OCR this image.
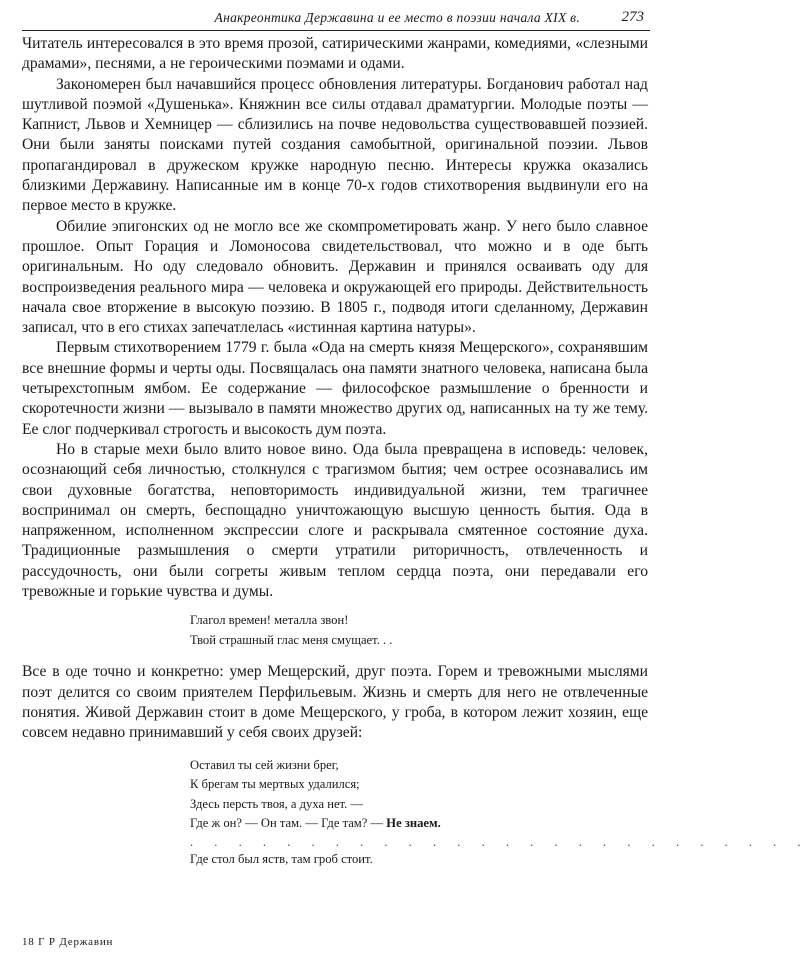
Анакреонтика Державина и ее место в поэзии начала XIX в.	273

Читатель интересовался в это время прозой, сатирическими жанрами, комедиями, «слезными драмами», песнями, а не героическими поэмами и одами.

Закономерен был начавшийся процесс обновления литературы. Богданович работал над шутливой поэмой «Душенька». Княжнин все силы отдавал драматургии. Молодые поэты — Капнист, Львов и Хемницер — сблизились на почве недовольства существовавшей поэзией. Они были заняты поисками путей создания самобытной, оригинальной поэзии. Львов пропагандировал в дружеском кружке народную песню. Интересы кружка оказались близкими Державину. Написанные им в конце 70-х годов стихотворения выдвинули его на первое место в кружке.

Обилие эпигонских од не могло все же скомпрометировать жанр. У него было славное прошлое. Опыт Горация и Ломоносова свидетельствовал, что можно и в оде быть оригинальным. Но оду следовало обновить. Державин и принялся осваивать оду для воспроизведения реального мира — человека и окружающей его природы. Действительность начала свое вторжение в высокую поэзию. В 1805 г., подводя итоги сделанному, Державин записал, что в его стихах запечатлелась «истинная картина натуры».

Первым стихотворением 1779 г. была «Ода на смерть князя Мещерского», сохранявшим все внешние формы и черты оды. Посвящалась она памяти знатного человека, написана была четырехстопным ямбом. Ее содержание — философское размышление о бренности и скоротечности жизни — вызывало в памяти множество других од, написанных на ту же тему. Ее слог подчеркивал строгость и высокость дум поэта.

Но в старые мехи было влито новое вино. Ода была превращена в исповедь: человек, осознающий себя личностью, столкнулся с трагизмом бытия; чем острее осознавались им свои духовные богатства, неповторимость индивидуальной жизни, тем трагичнее воспринимал он смерть, беспощадно уничтожающую высшую ценность бытия. Ода в напряженном, исполненном экспрессии слоге и раскрывала смятенное состояние духа. Традиционные размышления о смерти утратили риторичность, отвлеченность и рассудочность, они были согреты живым теплом сердца поэта, они передавали его тревожные и горькие чувства и думы.

Глагол времен! металла звон!
Твой страшный глас меня смущает. . .

Все в оде точно и конкретно: умер Мещерский, друг поэта. Горем и тревожными мыслями поэт делится со своим приятелем Перфильевым. Жизнь и смерть для него не отвлеченные понятия. Живой Державин стоит в доме Мещерского, у гроба, в котором лежит хозяин, еще совсем недавно принимавший у себя своих друзей:

Оставил ты сей жизни брег,
К брегам ты мертвых удалился;
Здесь персть твоя, а духа нет. —
Где ж он? — Он там. — Где там? — Не знаем.
. . . . . . . . . . . . . . . . . . . . . . . . . .
Где стол был яств, там гроб стоит.
18 Г Р Державин
